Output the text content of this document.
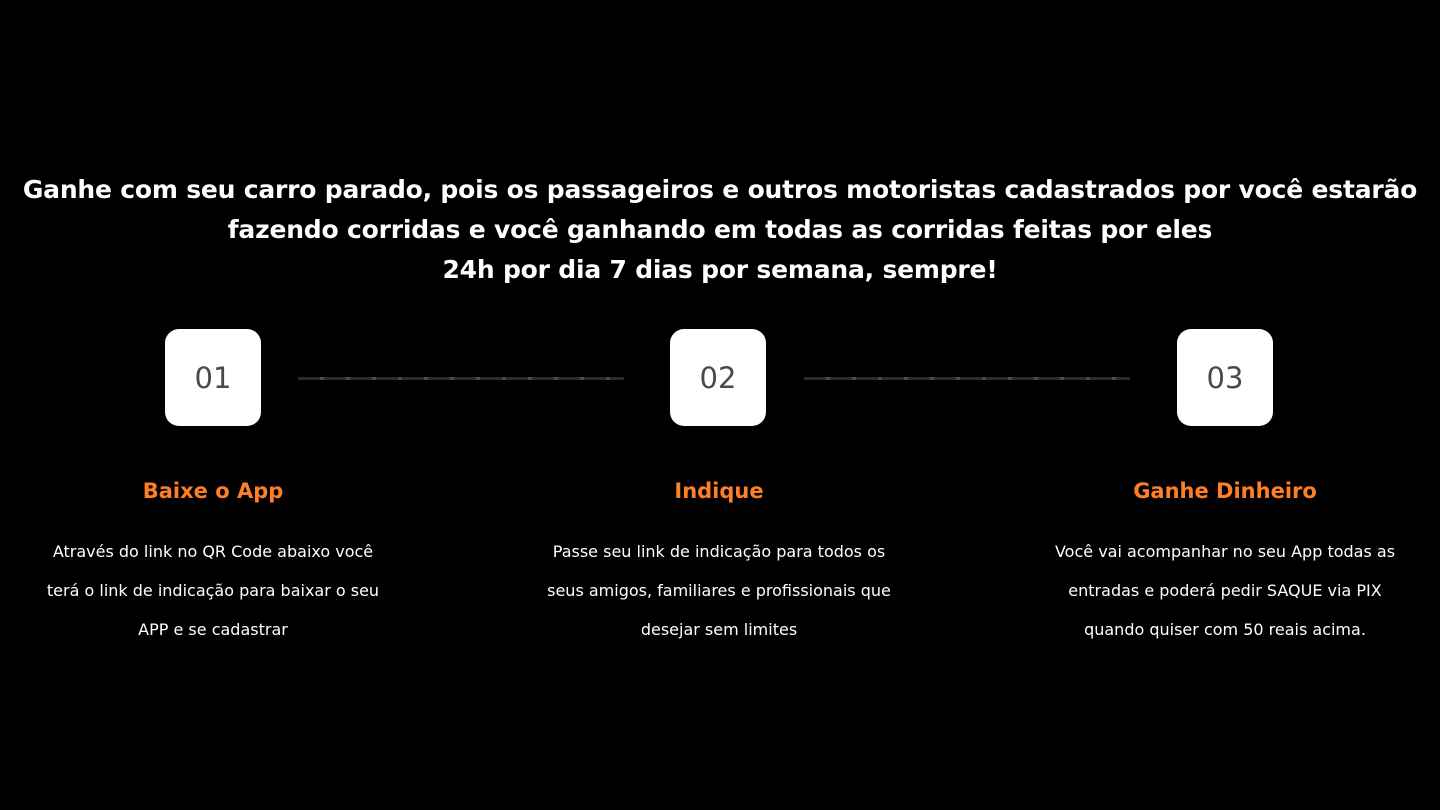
Ganhe com seu carro parado, pois os passageiros e outros motoristas cadastrados por você estarão
fazendo corridas e você ganhando em todas as corridas feitas por eles
24h por dia 7 dias por semana, sempre!
01
Baixe o App
Através do link no QR Code abaixo você
terá o link de indicação para baixar o seu
APP e se cadastrar
02
Indique
Passe seu link de indicação para todos os
seus amigos, familiares e profissionais que
desejar sem limites
03
Ganhe Dinheiro
Você vai acompanhar no seu App todas as
entradas e poderá pedir SAQUE via PIX
quando quiser com 50 reais acima.
